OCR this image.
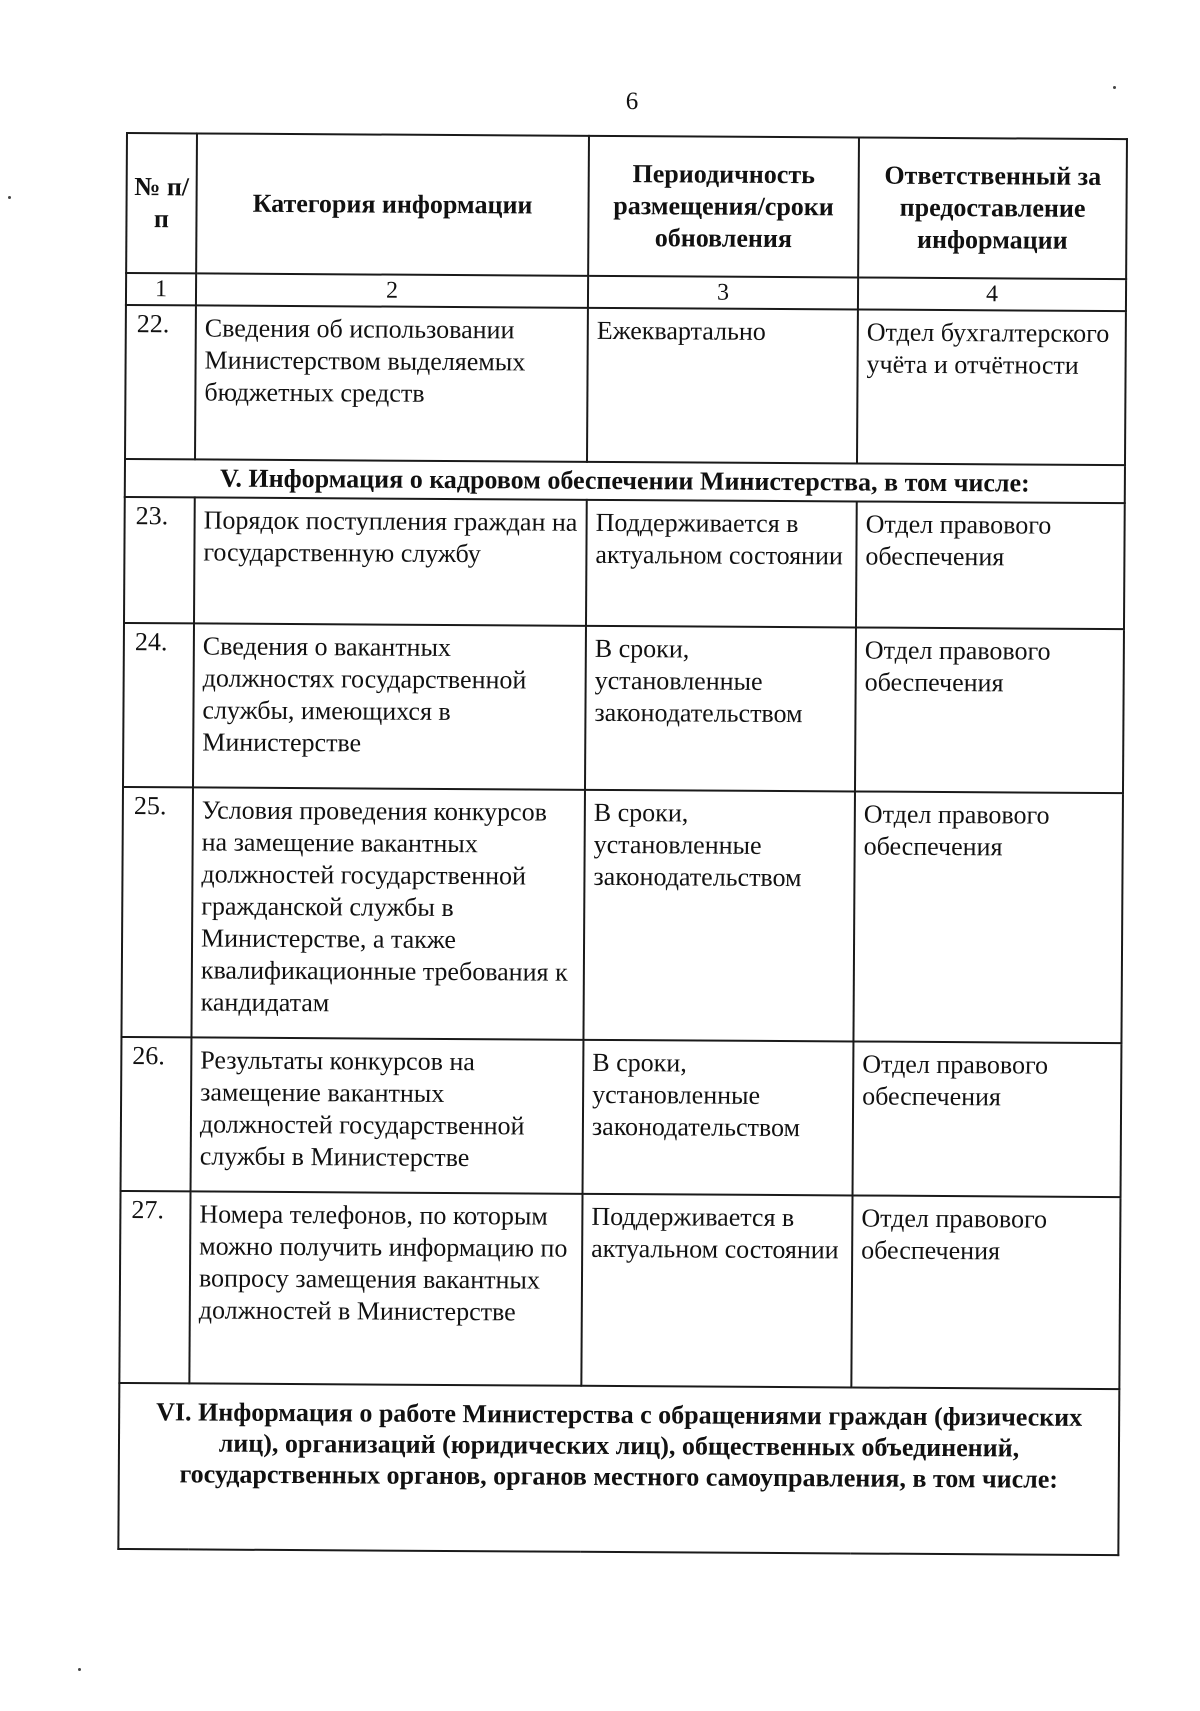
6
№ п/п	Категория информации	Периодичность размещения/сроки обновления	Ответственный за предоставление информации
1	2	3	4
22.	Сведения об использовании Министерством выделяемых бюджетных средств	Ежеквартально	Отдел бухгалтерского учёта и отчётности
V. Информация о кадровом обеспечении Министерства, в том числе:			
23.	Порядок поступления граждан на государственную службу	Поддерживается в актуальном состоянии	Отдел правового обеспечения
24.	Сведения о вакантных должностях государственной службы, имеющихся в Министерстве	В сроки, установленные законодательством	Отдел правового обеспечения
25.	Условия проведения конкурсов на замещение вакантных должностей государственной гражданской службы в Министерстве, а также квалификационные требования к кандидатам	В сроки, установленные законодательством	Отдел правового обеспечения
26.	Результаты конкурсов на замещение вакантных должностей государственной службы в Министерстве	В сроки, установленные законодательством	Отдел правового обеспечения
27.	Номера телефонов, по которым можно получить информацию по вопросу замещения вакантных должностей в Министерстве	Поддерживается в актуальном состоянии	Отдел правового обеспечения
VI. Информация о работе Министерства с обращениями граждан (физических лиц), организаций (юридических лиц), общественных объединений, государственных органов, органов местного самоуправления, в том числе:			
